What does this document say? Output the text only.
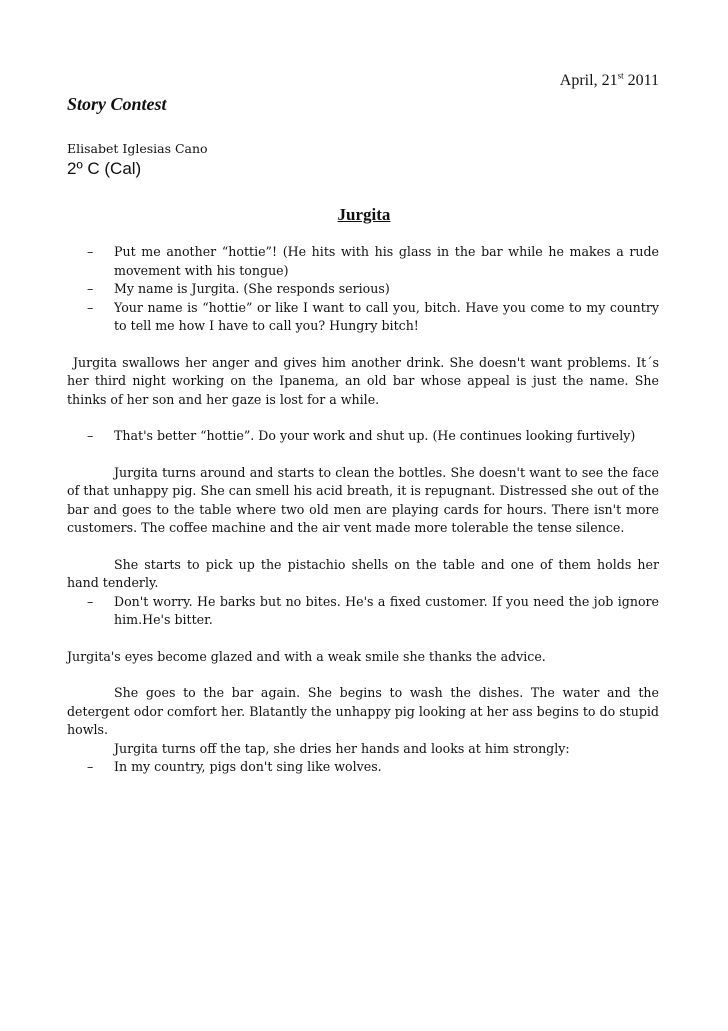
April, 21st 2011
Story Contest
Elisabet Iglesias Cano
2º C (Cal)
Jurgita

– Put me another “hottie”! (He hits with his glass in the bar while he makes a rude movement with his tongue)

– My name is Jurgita. (She responds serious)

– Your name is “hottie” or like I want to call you, bitch. Have you come to my country to tell me how I have to call you? Hungry bitch!

Jurgita swallows her anger and gives him another drink. She doesn't want problems. It´s her third night working on the Ipanema, an old bar whose appeal is just the name. She thinks of her son and her gaze is lost for a while.

– That's better “hottie”. Do your work and shut up. (He continues looking furtively)

Jurgita turns around and starts to clean the bottles. She doesn't want to see the face of that unhappy pig. She can smell his acid breath, it is repugnant. Distressed she out of the bar and goes to the table where two old men are playing cards for hours. There isn't more customers. The coffee machine and the air vent made more tolerable the tense silence.

She starts to pick up the pistachio shells on the table and one of them holds her hand tenderly.

– Don't worry. He barks but no bites. He's a fixed customer. If you need the job ignore him.He's bitter.

Jurgita's eyes become glazed and with a weak smile she thanks the advice.

She goes to the bar again. She begins to wash the dishes. The water and the detergent odor comfort her. Blatantly the unhappy pig looking at her ass begins to do stupid howls.

Jurgita turns off the tap, she dries her hands and looks at him strongly:

– In my country, pigs don't sing like wolves.
